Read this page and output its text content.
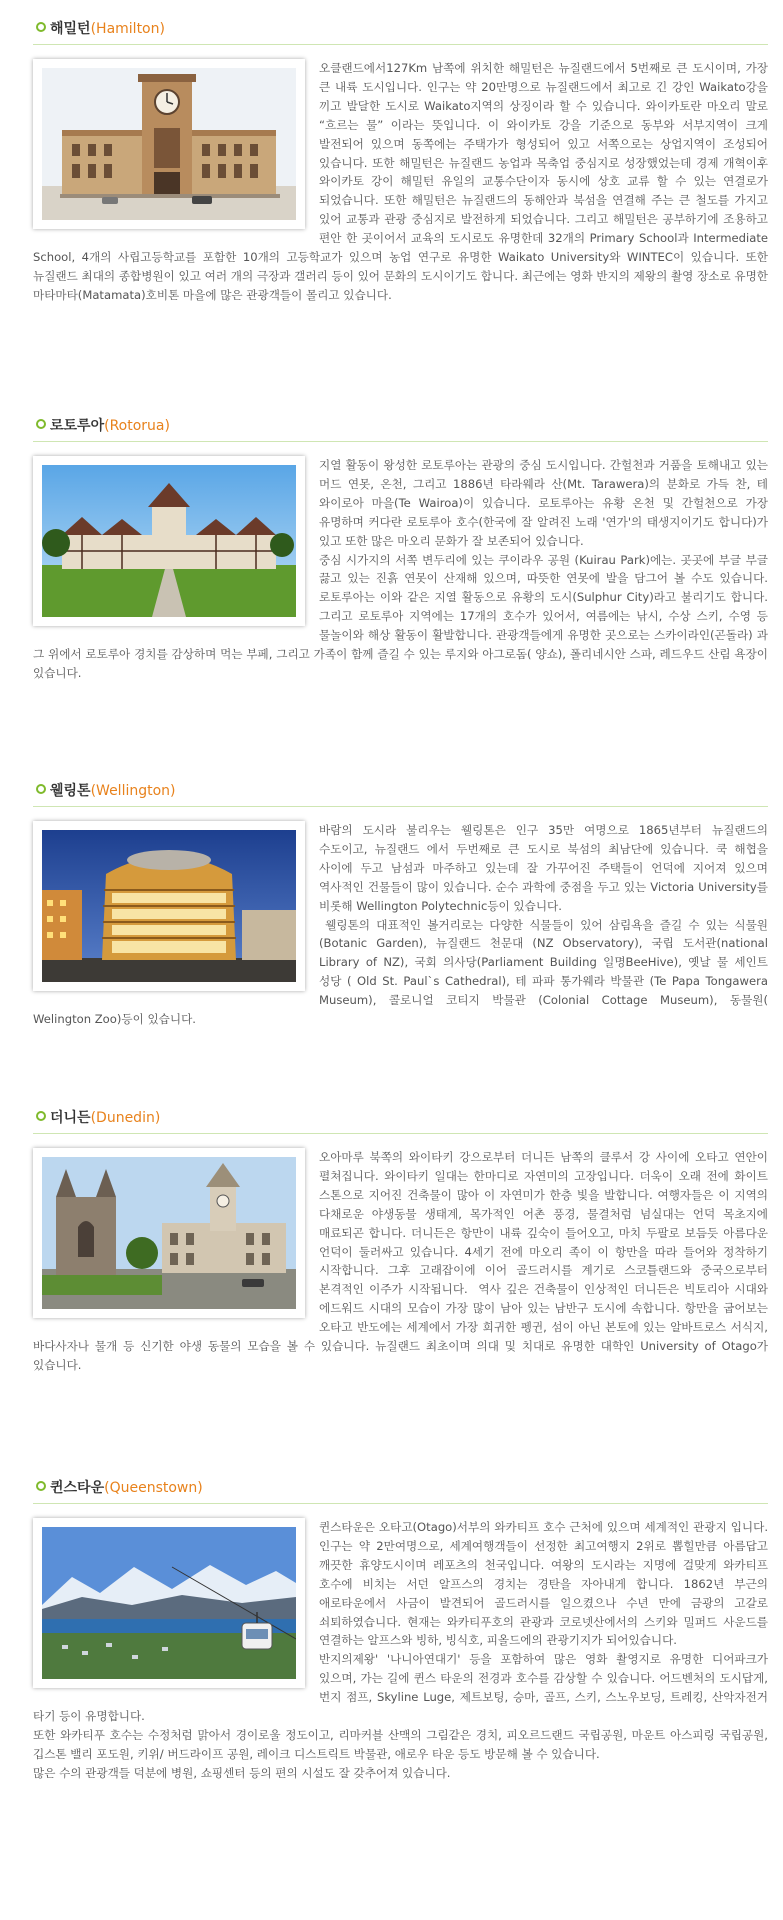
해밀턴(Hamilton)

오클랜드에서127Km 남쪽에 위치한 해밀턴은 뉴질랜드에서 5번째로 큰 도시이며, 가장 큰 내륙 도시입니다. 인구는 약 20만명으로 뉴질랜드에서 최고로 긴 강인 Waikato강을 끼고 발달한 도시로 Waikato지역의 상징이라 할 수 있습니다. 와이카토란 마오리 말로 “흐르는 물” 이라는 뜻입니다. 이 와이카토 강을 기준으로 동부와 서부지역이 크게 발전되어 있으며 동쪽에는 주택가가 형성되어 있고 서쪽으로는 상업지역이 조성되어 있습니다. 또한 해밀턴은 뉴질랜드 농업과 목축업 중심지로 성장했었는데 경제 개혁이후 와이카토 강이 해밀턴 유일의 교통수단이자 동시에 상호 교류 할 수 있는 연결로가 되었습니다. 또한 해밀턴은 뉴질랜드의 동해안과 북섬을 연결해 주는 큰 철도를 가지고 있어 교통과 관광 중심지로 발전하게 되었습니다. 그리고 해밀턴은 공부하기에 조용하고 편안 한 곳이어서 교육의 도시로도 유명한데 32개의 Primary School과 Intermediate School, 4개의 사립고등학교를 포함한 10개의 고등학교가 있으며 농업 연구로 유명한 Waikato University와 WINTEC이 있습니다. 또한 뉴질랜드 최대의 종합병원이 있고 여러 개의 극장과 갤러리 등이 있어 문화의 도시이기도 합니다. 최근에는 영화 반지의 제왕의 촬영 장소로 유명한 마타마타(Matamata)호비톤 마을에 많은 관광객들이 몰리고 있습니다.

로토루아(Rotorua)

지열 활동이 왕성한 로토루아는 관광의 중심 도시입니다. 간헐천과 거품을 토해내고 있는 머드 연못, 온천, 그리고 1886년 타라웨라 산(Mt. Tarawera)의 분화로 가득 찬, 테 와이로아 마을(Te Wairoa)이 있습니다. 로토루아는 유황 온천 및 간헐천으로 가장 유명하며 커다란 로토루아 호수(한국에 잘 알려진 노래 '연가'의 태생지이기도 합니다)가 있고 또한 많은 마오리 문화가 잘 보존되어 있습니다.

중심 시가지의 서쪽 변두리에 있는 쿠이라우 공원 (Kuirau Park)에는. 곳곳에 부글 부글 끓고 있는 진흙 연못이 산재해 있으며, 따뜻한 연못에 발을 담그어 볼 수도 있습니다. 로토루아는 이와 같은 지열 활동으로 유황의 도시(Sulphur City)라고 불리기도 합니다. 그리고 로토루아 지역에는 17개의 호수가 있어서, 여름에는 낚시, 수상 스키, 수영 등 물놀이와 해상 활동이 활발합니다. 관광객들에게 유명한 곳으로는 스카이라인(곤돌라) 과 그 위에서 로토루아 경치를 감상하며 먹는 부페, 그리고 가족이 함께 즐길 수 있는 루지와 아그로돔( 양쇼), 폴리네시안 스파, 레드우드 산림 욕장이 있습니다.

웰링톤(Wellington)

바람의 도시라 불리우는 웰링톤은 인구 35만 여명으로 1865년부터 뉴질랜드의 수도이고, 뉴질랜드 에서 두번째로 큰 도시로 북섬의 최남단에 있습니다. 쿡 해협을 사이에 두고 남섬과 마주하고 있는데 잘 가꾸어진 주택들이 언덕에 지어져 있으며 역사적인 건물들이 많이 있습니다. 순수 과학에 중점을 두고 있는 Victoria University를 비롯해 Wellington Polytechnic등이 있습니다.

웰링톤의 대표적인 볼거리로는 다양한 식물들이 있어 삼림욕을 즐길 수 있는 식물원(Botanic Garden), 뉴질랜드 천문대 (NZ Observatory), 국립 도서관(national Library of NZ), 국회 의사당(Parliament Building 일명BeeHive), 옛날 물 세인트 성당 ( Old St. Paul`s Cathedral), 테 파파 통가웨라 박물관 (Te Papa Tongawera Museum), 콜로니얼 코티지 박물관 (Colonial Cottage Museum), 동물원( Welington Zoo)등이 있습니다.

더니든(Dunedin)

오아마루 북쪽의 와이타키 강으로부터 더니든 남쪽의 클루서 강 사이에 오타고 연안이 펼쳐집니다. 와이타키 일대는 한마디로 자연미의 고장입니다. 더욱이 오래 전에 화이트 스톤으로 지어진 건축물이 많아 이 자연미가 한층 빛을 발합니다. 여행자들은 이 지역의 다채로운 야생동물 생태계, 목가적인 어촌 풍경, 물결처럼 넘실대는 언덕 목초지에 매료되곤 합니다. 더니든은 항만이 내륙 깊숙이 들어오고, 마치 두팔로 보듬듯 아름다운 언덕이 둘러싸고 있습니다. 4세기 전에 마오리 족이 이 항만을 따라 들어와 정착하기 시작합니다. 그후 고래잡이에 이어 골드러시를 계기로 스코틀랜드와 중국으로부터 본격적인 이주가 시작됩니다.  역사 깊은 건축물이 인상적인 더니든은 빅토리아 시대와 에드워드 시대의 모습이 가장 많이 남아 있는 남반구 도시에 속합니다. 항만을 굽어보는 오타고 반도에는 세계에서 가장 희귀한 펭귄, 섬이 아닌 본토에 있는 알바트로스 서식지, 바다사자나 물개 등 신기한 야생 동물의 모습을 볼 수 있습니다. 뉴질랜드 최초이며 의대 및 치대로 유명한 대학인 University of Otago가 있습니다.

퀸스타운(Queenstown)

퀸스타운은 오타고(Otago)서부의 와카티프 호수 근처에 있으며 세계적인 관광지 입니다. 인구는 약 2만여명으로, 세계여행객들이 선정한 최고여행지 2위로 뽑힐만큼 아름답고 깨끗한 휴양도시이며 레포츠의 천국입니다. 여왕의 도시라는 지명에 걸맞게 와카티프 호수에 비치는 서던 알프스의 경치는 경탄을 자아내게 합니다. 1862년 부근의 애로타운에서 사금이 발견되어 골드러시를 일으켰으나 수년 만에 금광의 고갈로 쇠퇴하였습니다. 현재는 와카티푸호의 관광과 코로넷산에서의 스키와 밀퍼드 사운드를 연결하는 알프스와 빙하, 빙식호, 피올드에의 관광기지가 되어있습니다.

반지의제왕' '나니아연대기' 등을 포함하여 많은 영화 촬영지로 유명한 디어파크가 있으며, 가는 길에 퀸스 타운의 전경과 호수를 감상할 수 있습니다. 어드벤처의 도시답게, 번지 점프, Skyline Luge, 제트보팅, 승마, 골프, 스키, 스노우보딩, 트레킹, 산악자전거 타기 등이 유명합니다.

또한 와카티푸 호수는 수정처럼 맑아서 경이로울 정도이고, 리마커블 산맥의 그림같은 경치, 피오르드랜드 국립공원, 마운트 아스피링 국립공원, 깁스톤 밸리 포도원, 키위/ 버드라이프 공원, 레이크 디스트릭트 박물관, 애로우 타운 등도 방문해 볼 수 있습니다.

많은 수의 관광객들 덕분에 병원, 쇼핑센터 등의 편의 시설도 잘 갖추어져 있습니다.
